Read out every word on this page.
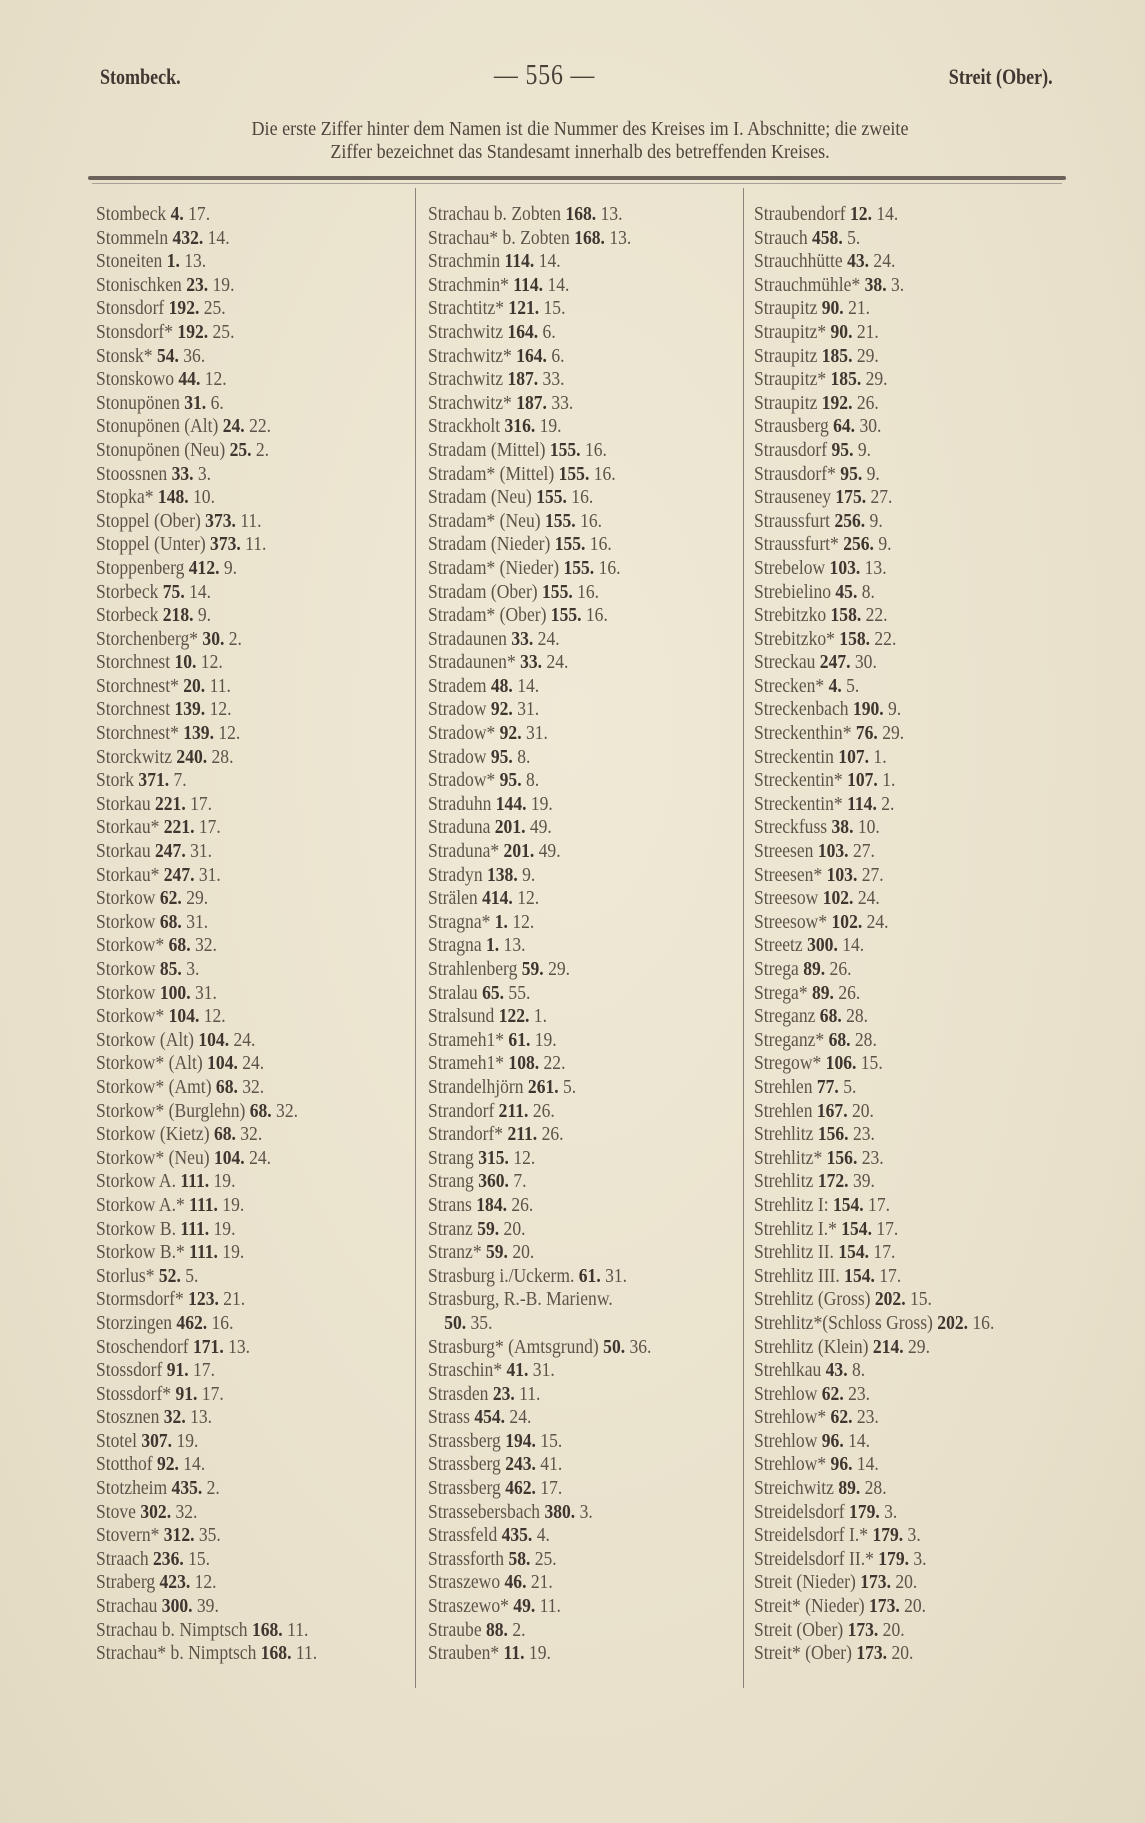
Stombeck.	— 556 —	Streit (Ober).
Die erste Ziffer hinter dem Namen ist die Nummer des Kreises im I. Abschnitte; die zweite
Ziffer bezeichnet das Standesamt innerhalb des betreffenden Kreises.
Stombeck 4. 17.
Stommeln 432. 14.
Stoneiten 1. 13.
Stonischken 23. 19.
Stonsdorf 192. 25.
Stonsdorf* 192. 25.
Stonsk* 54. 36.
Stonskowo 44. 12.
Stonupönen 31. 6.
Stonupönen (Alt) 24. 22.
Stonupönen (Neu) 25. 2.
Stoossnen 33. 3.
Stopka* 148. 10.
Stoppel (Ober) 373. 11.
Stoppel (Unter) 373. 11.
Stoppenberg 412. 9.
Storbeck 75. 14.
Storbeck 218. 9.
Storchenberg* 30. 2.
Storchnest 10. 12.
Storchnest* 20. 11.
Storchnest 139. 12.
Storchnest* 139. 12.
Storckwitz 240. 28.
Stork 371. 7.
Storkau 221. 17.
Storkau* 221. 17.
Storkau 247. 31.
Storkau* 247. 31.
Storkow 62. 29.
Storkow 68. 31.
Storkow* 68. 32.
Storkow 85. 3.
Storkow 100. 31.
Storkow* 104. 12.
Storkow (Alt) 104. 24.
Storkow* (Alt) 104. 24.
Storkow* (Amt) 68. 32.
Storkow* (Burglehn) 68. 32.
Storkow (Kietz) 68. 32.
Storkow* (Neu) 104. 24.
Storkow A. 111. 19.
Storkow A.* 111. 19.
Storkow B. 111. 19.
Storkow B.* 111. 19.
Storlus* 52. 5.
Stormsdorf* 123. 21.
Storzingen 462. 16.
Stoschendorf 171. 13.
Stossdorf 91. 17.
Stossdorf* 91. 17.
Stosznen 32. 13.
Stotel 307. 19.
Stotthof 92. 14.
Stotzheim 435. 2.
Stove 302. 32.
Stovern* 312. 35.
Straach 236. 15.
Straberg 423. 12.
Strachau 300. 39.
Strachau b. Nimptsch 168. 11.
Strachau* b. Nimptsch 168. 11.
Strachau b. Zobten 168. 13.
Strachau* b. Zobten 168. 13.
Strachmin 114. 14.
Strachmin* 114. 14.
Strachtitz* 121. 15.
Strachwitz 164. 6.
Strachwitz* 164. 6.
Strachwitz 187. 33.
Strachwitz* 187. 33.
Strackholt 316. 19.
Stradam (Mittel) 155. 16.
Stradam* (Mittel) 155. 16.
Stradam (Neu) 155. 16.
Stradam* (Neu) 155. 16.
Stradam (Nieder) 155. 16.
Stradam* (Nieder) 155. 16.
Stradam (Ober) 155. 16.
Stradam* (Ober) 155. 16.
Stradaunen 33. 24.
Stradaunen* 33. 24.
Stradem 48. 14.
Stradow 92. 31.
Stradow* 92. 31.
Stradow 95. 8.
Stradow* 95. 8.
Straduhn 144. 19.
Straduna 201. 49.
Straduna* 201. 49.
Stradyn 138. 9.
Strälen 414. 12.
Stragna* 1. 12.
Stragna 1. 13.
Strahlenberg 59. 29.
Stralau 65. 55.
Stralsund 122. 1.
Strameh1* 61. 19.
Strameh1* 108. 22.
Strandelhjörn 261. 5.
Strandorf 211. 26.
Strandorf* 211. 26.
Strang 315. 12.
Strang 360. 7.
Strans 184. 26.
Stranz 59. 20.
Stranz* 59. 20.
Strasburg i./Uckerm. 61. 31.
Strasburg, R.-B. Marienw.
50. 35.
Strasburg* (Amtsgrund) 50. 36.
Straschin* 41. 31.
Strasden 23. 11.
Strass 454. 24.
Strassberg 194. 15.
Strassberg 243. 41.
Strassberg 462. 17.
Strassebersbach 380. 3.
Strassfeld 435. 4.
Strassforth 58. 25.
Straszewo 46. 21.
Straszewo* 49. 11.
Straube 88. 2.
Strauben* 11. 19.
Straubendorf 12. 14.
Strauch 458. 5.
Strauchhütte 43. 24.
Strauchmühle* 38. 3.
Straupitz 90. 21.
Straupitz* 90. 21.
Straupitz 185. 29.
Straupitz* 185. 29.
Straupitz 192. 26.
Strausberg 64. 30.
Strausdorf 95. 9.
Strausdorf* 95. 9.
Strauseney 175. 27.
Straussfurt 256. 9.
Straussfurt* 256. 9.
Strebelow 103. 13.
Strebielino 45. 8.
Strebitzko 158. 22.
Strebitzko* 158. 22.
Streckau 247. 30.
Strecken* 4. 5.
Streckenbach 190. 9.
Streckenthin* 76. 29.
Streckentin 107. 1.
Streckentin* 107. 1.
Streckentin* 114. 2.
Streckfuss 38. 10.
Streesen 103. 27.
Streesen* 103. 27.
Streesow 102. 24.
Streesow* 102. 24.
Streetz 300. 14.
Strega 89. 26.
Strega* 89. 26.
Streganz 68. 28.
Streganz* 68. 28.
Stregow* 106. 15.
Strehlen 77. 5.
Strehlen 167. 20.
Strehlitz 156. 23.
Strehlitz* 156. 23.
Strehlitz 172. 39.
Strehlitz I: 154. 17.
Strehlitz I.* 154. 17.
Strehlitz II. 154. 17.
Strehlitz III. 154. 17.
Strehlitz (Gross) 202. 15.
Strehlitz*(Schloss Gross) 202. 16.
Strehlitz (Klein) 214. 29.
Strehlkau 43. 8.
Strehlow 62. 23.
Strehlow* 62. 23.
Strehlow 96. 14.
Strehlow* 96. 14.
Streichwitz 89. 28.
Streidelsdorf 179. 3.
Streidelsdorf I.* 179. 3.
Streidelsdorf II.* 179. 3.
Streit (Nieder) 173. 20.
Streit* (Nieder) 173. 20.
Streit (Ober) 173. 20.
Streit* (Ober) 173. 20.
